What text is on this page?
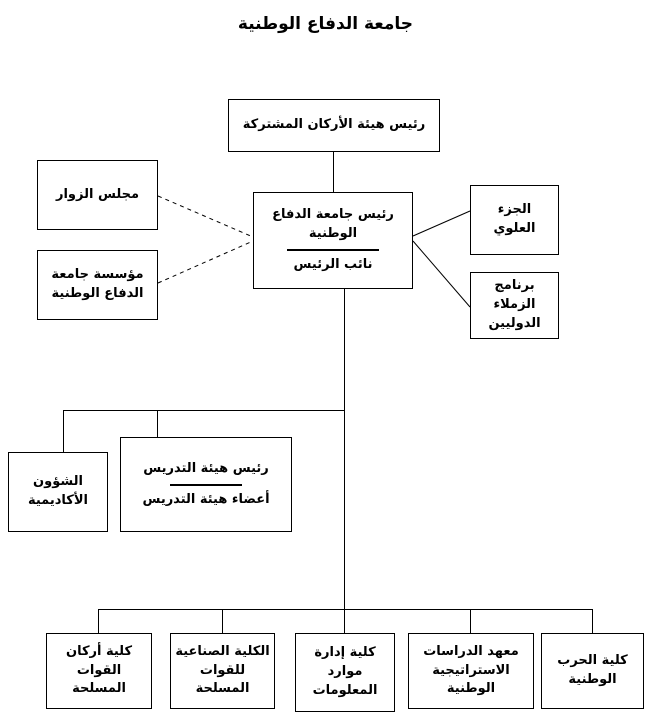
جامعة الدفاع الوطنية
رئيس هيئة الأركان المشتركة
رئيس جامعة الدفاع الوطنية
نائب الرئيس
مجلس الزوار
مؤسسة جامعة الدفاع الوطنية
الجزء العلوي
برنامج الزملاء الدوليين
الشؤون الأكاديمية
رئيس هيئة التدريس
أعضاء هيئة التدريس
كلية أركان القوات المسلحة
الكلية الصناعية للقوات المسلحة
كلية إدارة موارد المعلومات
معهد الدراسات الاستراتيجية الوطنية
كلية الحرب الوطنية
